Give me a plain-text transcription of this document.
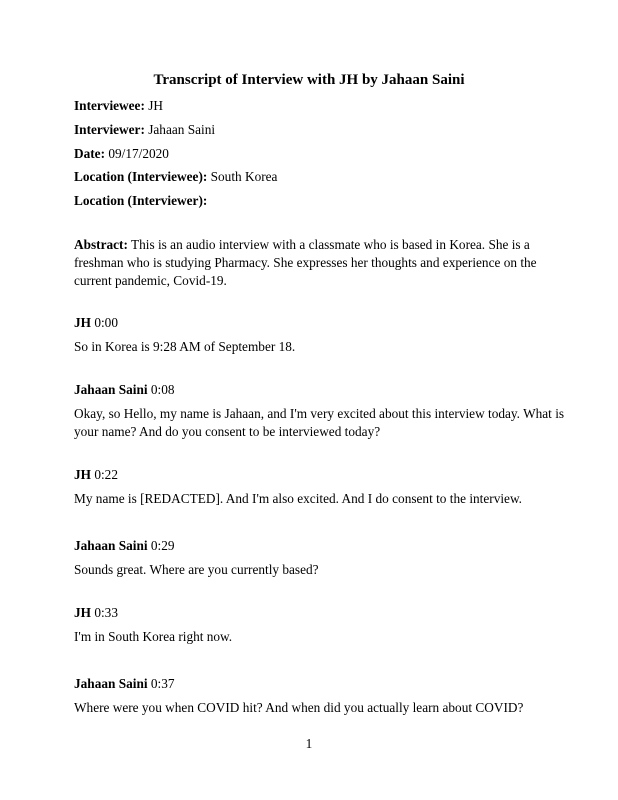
Transcript of Interview with JH by Jahaan Saini
Interviewee: JH
Interviewer: Jahaan Saini
Date: 09/17/2020
Location (Interviewee): South Korea
Location (Interviewer):
Abstract: This is an audio interview with a classmate who is based in Korea. She is a freshman who is studying Pharmacy. She expresses her thoughts and experience on the current pandemic, Covid-19.
JH 0:00
So in Korea is 9:28 AM of September 18.
Jahaan Saini 0:08
Okay, so Hello, my name is Jahaan, and I'm very excited about this interview today. What is
your name? And do you consent to be interviewed today?
JH 0:22
My name is [REDACTED]. And I'm also excited. And I do consent to the interview.
Jahaan Saini 0:29
Sounds great. Where are you currently based?
JH 0:33
I'm in South Korea right now.
Jahaan Saini 0:37
Where were you when COVID hit? And when did you actually learn about COVID?
1
